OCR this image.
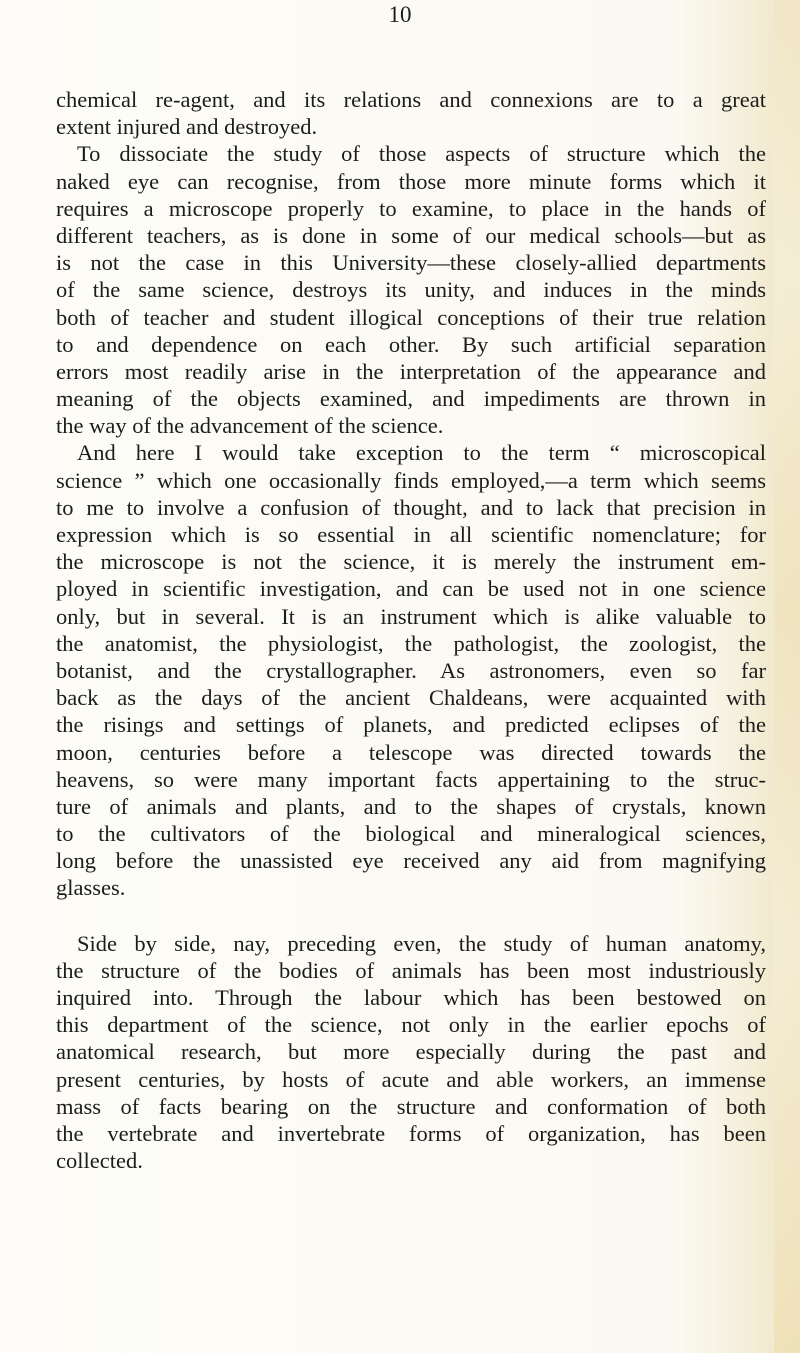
10
chemical re-agent, and its relations and connexions are to a great
extent injured and destroyed.
To dissociate the study of those aspects of structure which the
naked eye can recognise, from those more minute forms which it
requires a microscope properly to examine, to place in the hands of
different teachers, as is done in some of our medical schools—but as
is not the case in this University—these closely-allied departments
of the same science, destroys its unity, and induces in the minds
both of teacher and student illogical conceptions of their true relation
to and dependence on each other. By such artificial separation
errors most readily arise in the interpretation of the appearance and
meaning of the objects examined, and impediments are thrown in
the way of the advancement of the science.
And here I would take exception to the term “ microscopical
science ” which one occasionally finds employed,—a term which seems
to me to involve a confusion of thought, and to lack that precision in
expression which is so essential in all scientific nomenclature; for
the microscope is not the science, it is merely the instrument em-
ployed in scientific investigation, and can be used not in one science
only, but in several. It is an instrument which is alike valuable to
the anatomist, the physiologist, the pathologist, the zoologist, the
botanist, and the crystallographer. As astronomers, even so far
back as the days of the ancient Chaldeans, were acquainted with
the risings and settings of planets, and predicted eclipses of the
moon, centuries before a telescope was directed towards the
heavens, so were many important facts appertaining to the struc-
ture of animals and plants, and to the shapes of crystals, known
to the cultivators of the biological and mineralogical sciences,
long before the unassisted eye received any aid from magnifying
glasses.
Side by side, nay, preceding even, the study of human anatomy,
the structure of the bodies of animals has been most industriously
inquired into. Through the labour which has been bestowed on
this department of the science, not only in the earlier epochs of
anatomical research, but more especially during the past and
present centuries, by hosts of acute and able workers, an immense
mass of facts bearing on the structure and conformation of both
the vertebrate and invertebrate forms of organization, has been
collected.
